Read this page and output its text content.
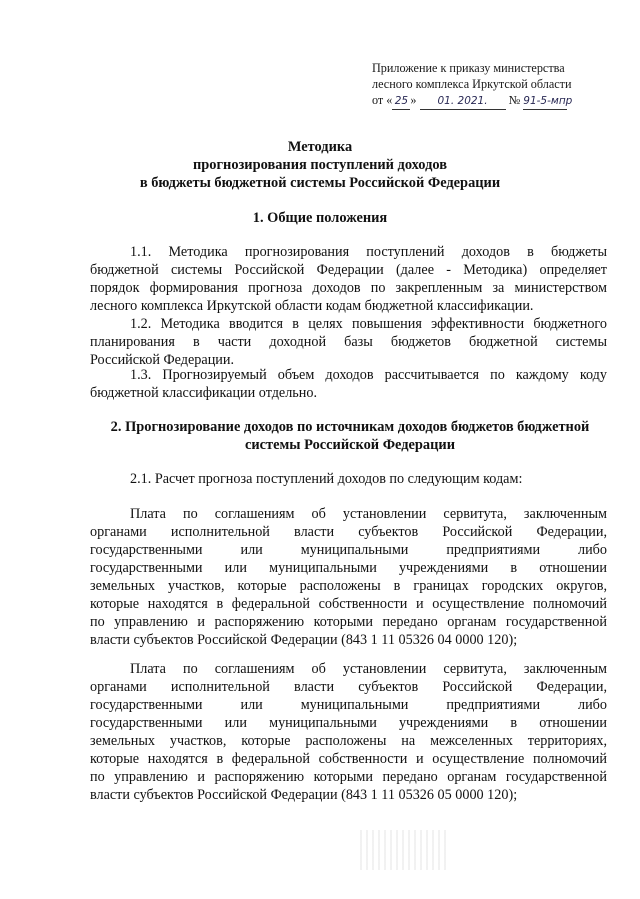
Приложение к приказу министерства
лесного комплекса Иркутской области
от « 25 » 01. 2021. № 91-5-мпр
Методика
прогнозирования поступлений доходов
в бюджеты бюджетной системы Российской Федерации
1. Общие положения
1.1. Методика прогнозирования поступлений доходов в бюджеты
бюджетной системы Российской Федерации (далее - Методика) определяет
порядок формирования прогноза доходов по закрепленным за министерством
лесного комплекса Иркутской области кодам бюджетной классификации.
1.2. Методика вводится в целях повышения эффективности бюджетного
планирования в части доходной базы бюджетов бюджетной системы
Российской Федерации.
1.3. Прогнозируемый объем доходов рассчитывается по каждому коду
бюджетной классификации отдельно.
2. Прогнозирование доходов по источникам доходов бюджетов бюджетной
системы Российской Федерации
2.1. Расчет прогноза поступлений доходов по следующим кодам:
Плата по соглашениям об установлении сервитута, заключенным
органами исполнительной власти субъектов Российской Федерации,
государственными или муниципальными предприятиями либо
государственными или муниципальными учреждениями в отношении
земельных участков, которые расположены в границах городских округов,
которые находятся в федеральной собственности и осуществление полномочий
по управлению и распоряжению которыми передано органам государственной
власти субъектов Российской Федерации (843 1 11 05326 04 0000 120);
Плата по соглашениям об установлении сервитута, заключенным
органами исполнительной власти субъектов Российской Федерации,
государственными или муниципальными предприятиями либо
государственными или муниципальными учреждениями в отношении
земельных участков, которые расположены на межселенных территориях,
которые находятся в федеральной собственности и осуществление полномочий
по управлению и распоряжению которыми передано органам государственной
власти субъектов Российской Федерации (843 1 11 05326 05 0000 120);
